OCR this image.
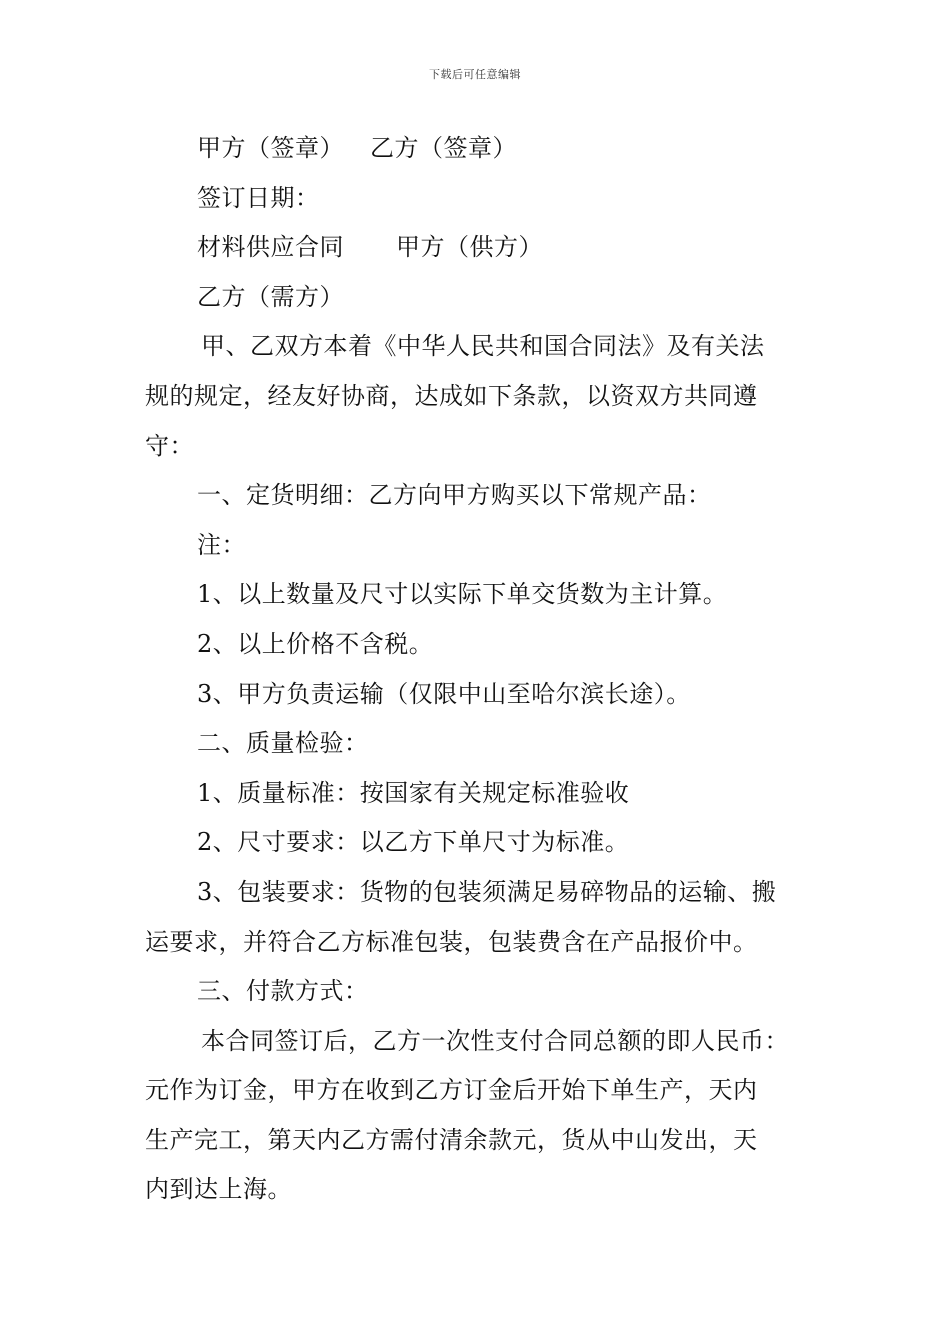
下载后可任意编辑
甲方（签章） 乙方（签章）
签订日期：
材料供应合同 甲方（供方）
乙方（需方）
甲、乙双方本着《中华人民共和国合同法》及有关法
规的规定，经友好协商，达成如下条款，以资双方共同遵
守：
一、定货明细：乙方向甲方购买以下常规产品：
注：
1、以上数量及尺寸以实际下单交货数为主计算。
2、以上价格不含税。
3、甲方负责运输（仅限中山至哈尔滨长途）。
二、质量检验：
1、质量标准：按国家有关规定标准验收
2、尺寸要求：以乙方下单尺寸为标准。
3、包装要求：货物的包装须满足易碎物品的运输、搬
运要求，并符合乙方标准包装，包装费含在产品报价中。
三、付款方式：
本合同签订后，乙方一次性支付合同总额的即人民币：
元作为订金，甲方在收到乙方订金后开始下单生产，天内
生产完工，第天内乙方需付清余款元，货从中山发出，天
内到达上海。
